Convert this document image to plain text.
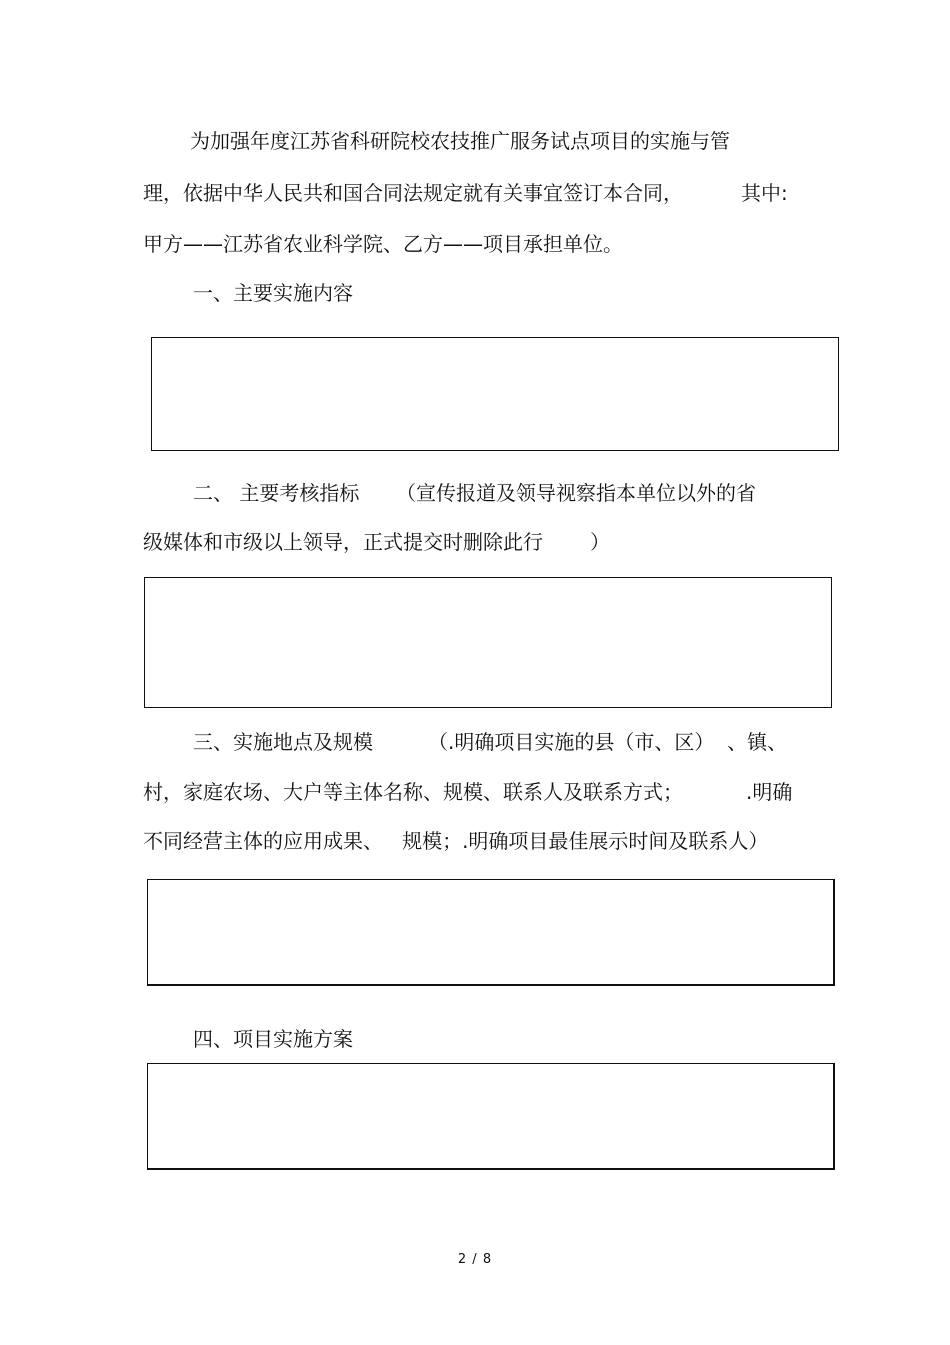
为加强年度江苏省科研院校农技推广服务试点项目的实施与管
理，依据中华人民共和国合同法规定就有关事宜签订本合同，	其中:
甲方——江苏省农业科学院、乙方——项目承担单位。
一、主要实施内容
二、 主要考核指标 （宣传报道及领导视察指本单位以外的省
级媒体和市级以上领导，正式提交时删除此行 ）
三、实施地点及规模	（.明确项目实施的县（市、区）  、镇、
村，家庭农场、大户等主体名称、规模、联系人及联系方式；	.明确
不同经营主体的应用成果、   规模；.明确项目最佳展示时间及联系人）
四、项目实施方案
2 / 8
